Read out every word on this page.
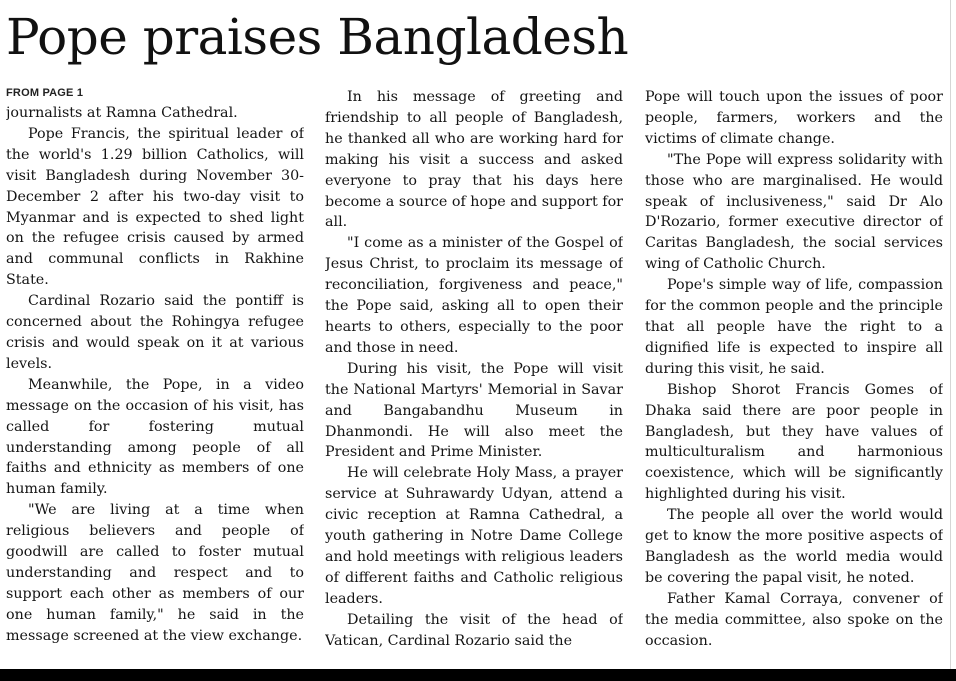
Pope praises Bangladesh
FROM PAGE 1

journalists at Ramna Cathedral.

Pope Francis, the spiritual leader of the world's 1.29 billion Catholics, will visit Bangladesh during November 30-December 2 after his two-day visit to Myanmar and is expected to shed light on the refugee crisis caused by armed and communal conflicts in Rakhine State.

Cardinal Rozario said the pontiff is concerned about the Rohingya refugee crisis and would speak on it at various levels.

Meanwhile, the Pope, in a video message on the occasion of his visit, has called for fostering mutual understanding among people of all faiths and ethnicity as members of one human family.

"We are living at a time when religious believers and people of goodwill are called to foster mutual understanding and respect and to support each other as members of our one human family," he said in the message screened at the view exchange.

In his message of greeting and friendship to all people of Bangladesh, he thanked all who are working hard for making his visit a success and asked everyone to pray that his days here become a source of hope and support for all.

"I come as a minister of the Gospel of Jesus Christ, to proclaim its message of reconciliation, forgiveness and peace," the Pope said, asking all to open their hearts to others, especially to the poor and those in need.

During his visit, the Pope will visit the National Martyrs' Memorial in Savar and Bangabandhu Museum in Dhanmondi. He will also meet the President and Prime Minister.

He will celebrate Holy Mass, a prayer service at Suhrawardy Udyan, attend a civic reception at Ramna Cathedral, a youth gathering in Notre Dame College and hold meetings with religious leaders of different faiths and Catholic religious leaders.

Detailing the visit of the head of Vatican, Cardinal Rozario said the

Pope will touch upon the issues of poor people, farmers, workers and the victims of climate change.

"The Pope will express solidarity with those who are marginalised. He would speak of inclusiveness," said Dr Alo D'Rozario, former executive director of Caritas Bangladesh, the social services wing of Catholic Church.

Pope's simple way of life, compassion for the common people and the principle that all people have the right to a dignified life is expected to inspire all during this visit, he said.

Bishop Shorot Francis Gomes of Dhaka said there are poor people in Bangladesh, but they have values of multiculturalism and harmonious coexistence, which will be significantly highlighted during his visit.

The people all over the world would get to know the more positive aspects of Bangladesh as the world media would be covering the papal visit, he noted.

Father Kamal Corraya, convener of the media committee, also spoke on the occasion.
